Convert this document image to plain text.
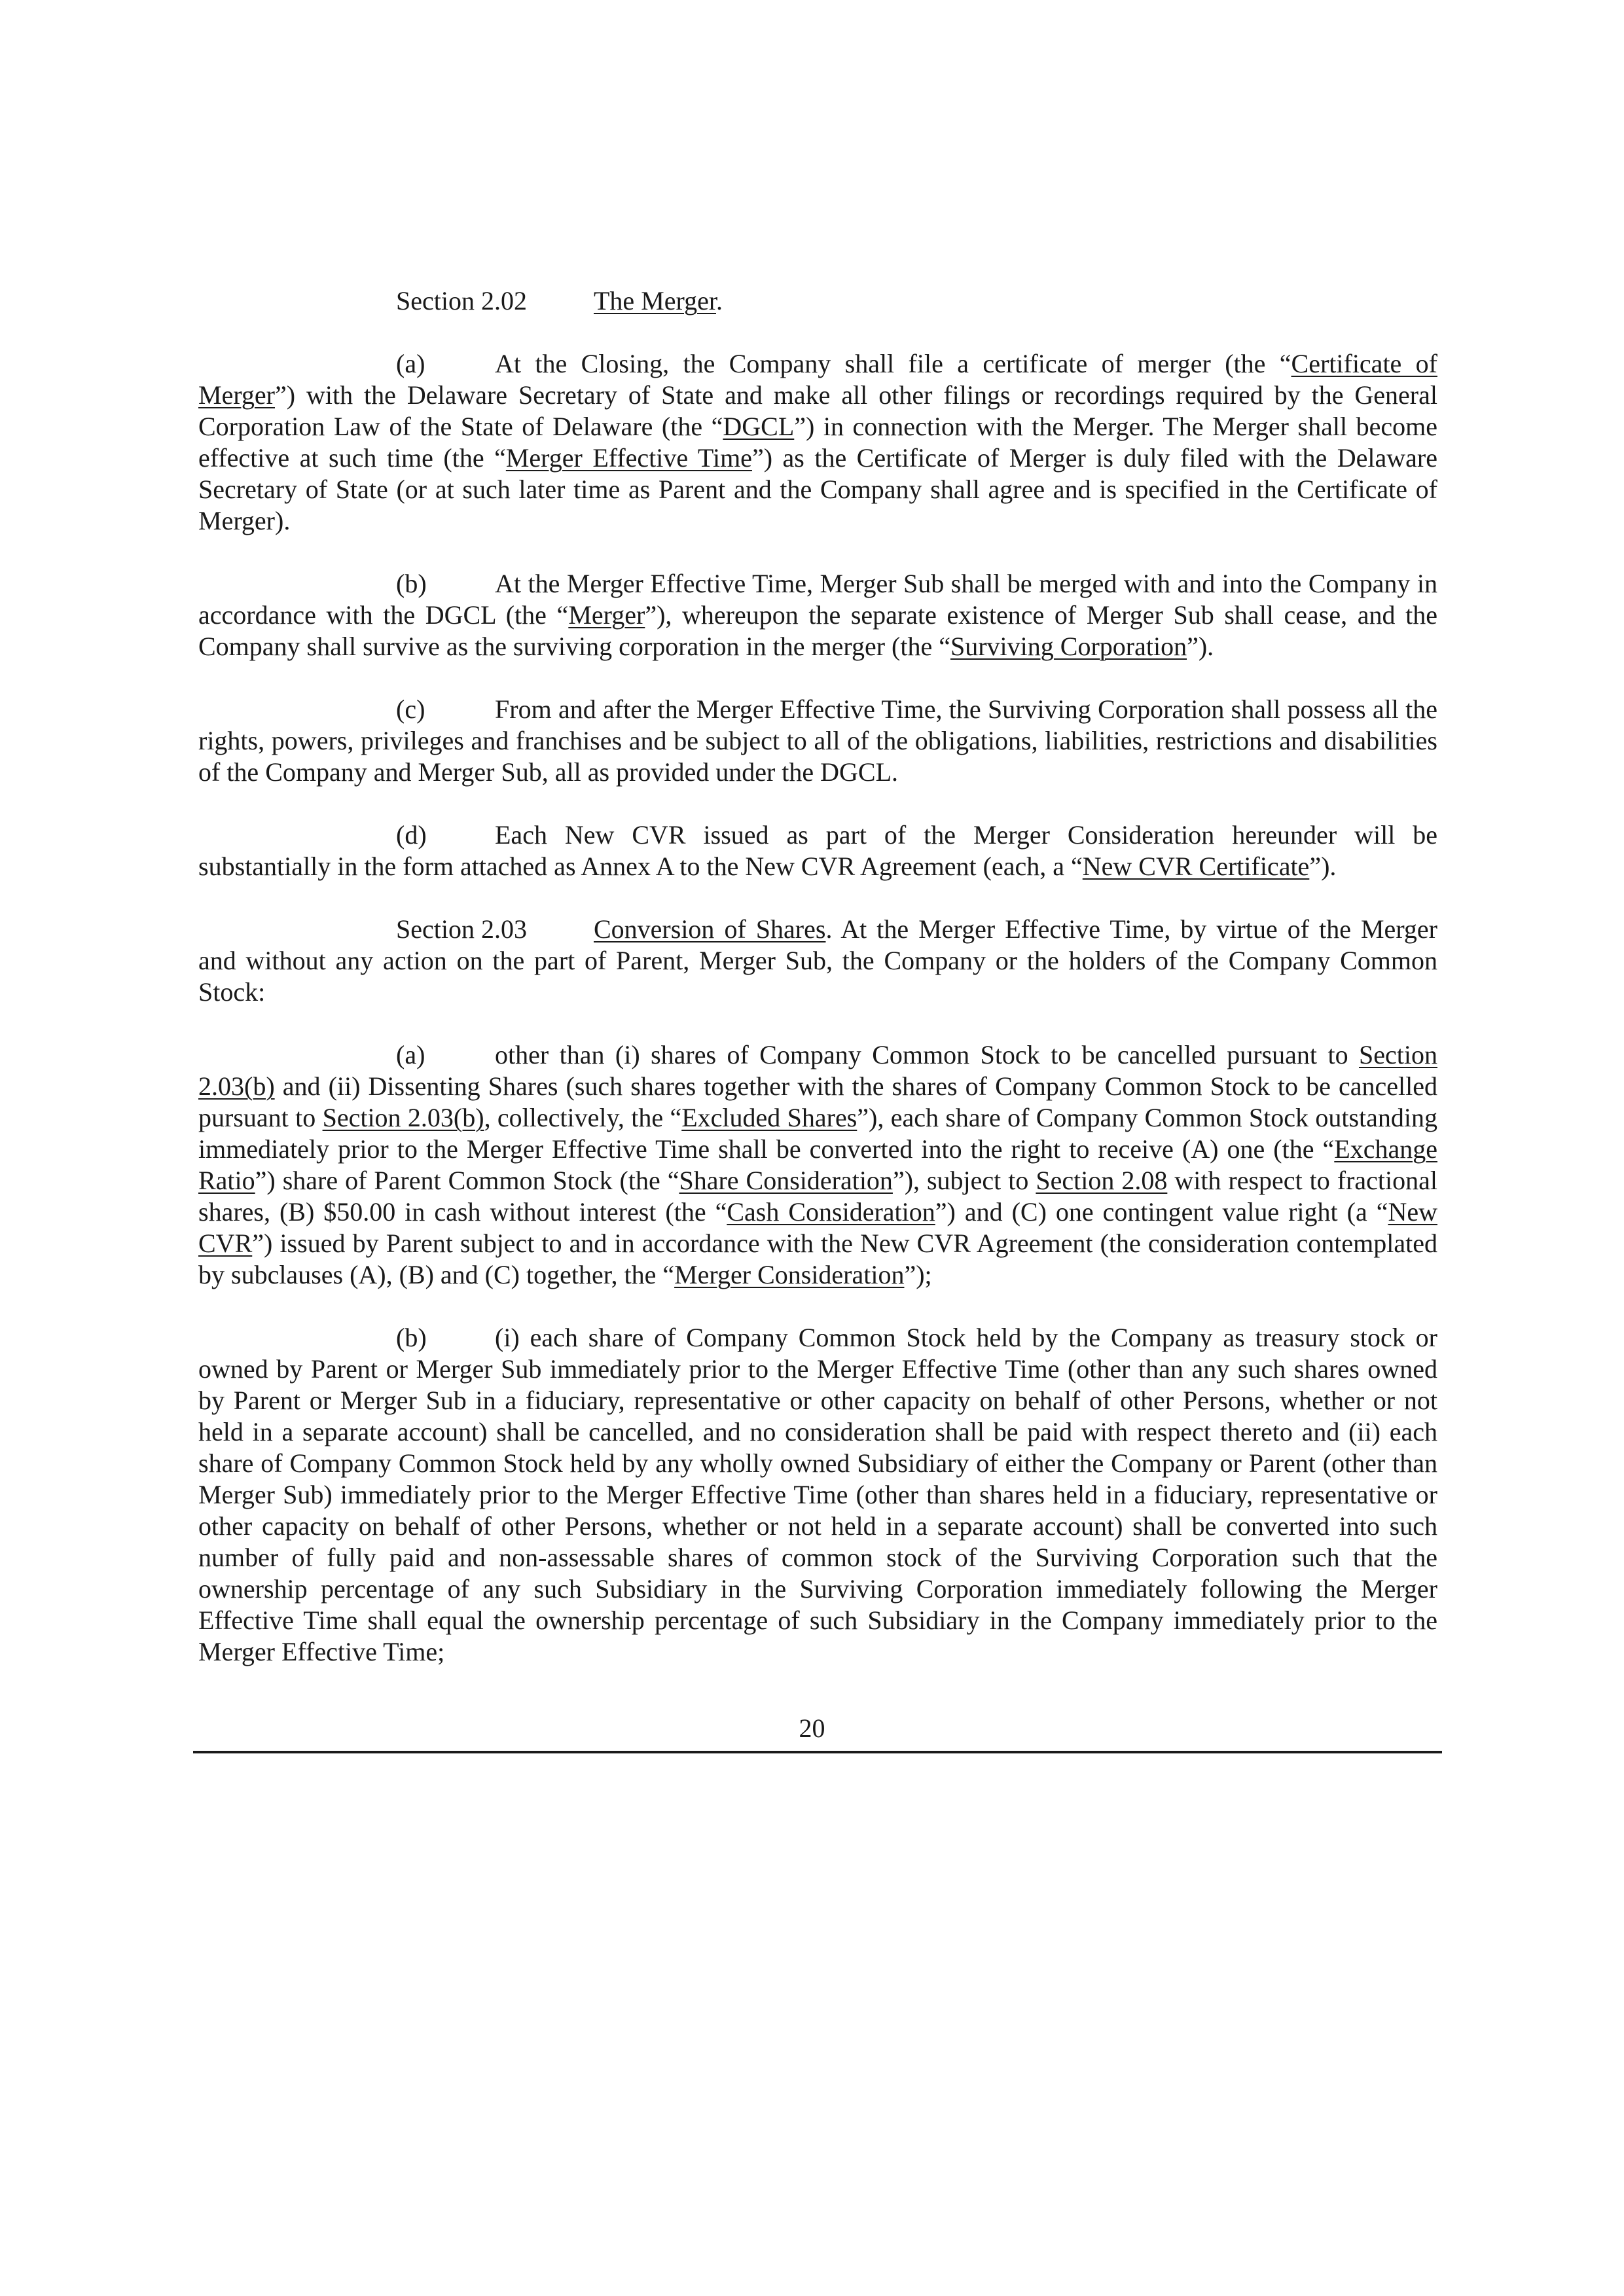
Section 2.02	The Merger.

(a)	At the Closing, the Company shall file a certificate of merger (the “Certificate of Merger”) with the Delaware Secretary of State and make all other filings or recordings required by the General Corporation Law of the State of Delaware (the “DGCL”) in connection with the Merger. The Merger shall become effective at such time (the “Merger Effective Time”) as the Certificate of Merger is duly filed with the Delaware Secretary of State (or at such later time as Parent and the Company shall agree and is specified in the Certificate of Merger).

(b)	At the Merger Effective Time, Merger Sub shall be merged with and into the Company in accordance with the DGCL (the “Merger”), whereupon the separate existence of Merger Sub shall cease, and the Company shall survive as the surviving corporation in the merger (the “Surviving Corporation”).

(c)	From and after the Merger Effective Time, the Surviving Corporation shall possess all the rights, powers, privileges and franchises and be subject to all of the obligations, liabilities, restrictions and disabilities of the Company and Merger Sub, all as provided under the DGCL.

(d)	Each New CVR issued as part of the Merger Consideration hereunder will be substantially in the form attached as Annex A to the New CVR Agreement (each, a “New CVR Certificate”).

Section 2.03	Conversion of Shares. At the Merger Effective Time, by virtue of the Merger and without any action on the part of Parent, Merger Sub, the Company or the holders of the Company Common Stock:

(a)	other than (i) shares of Company Common Stock to be cancelled pursuant to Section 2.03(b) and (ii) Dissenting Shares (such shares together with the shares of Company Common Stock to be cancelled pursuant to Section 2.03(b), collectively, the “Excluded Shares”), each share of Company Common Stock outstanding immediately prior to the Merger Effective Time shall be converted into the right to receive (A) one (the “Exchange Ratio”) share of Parent Common Stock (the “Share Consideration”), subject to Section 2.08 with respect to fractional shares, (B) $50.00 in cash without interest (the “Cash Consideration”) and (C) one contingent value right (a “New CVR”) issued by Parent subject to and in accordance with the New CVR Agreement (the consideration contemplated by subclauses (A), (B) and (C) together, the “Merger Consideration”);

(b)	(i) each share of Company Common Stock held by the Company as treasury stock or owned by Parent or Merger Sub immediately prior to the Merger Effective Time (other than any such shares owned by Parent or Merger Sub in a fiduciary, representative or other capacity on behalf of other Persons, whether or not held in a separate account) shall be cancelled, and no consideration shall be paid with respect thereto and (ii) each share of Company Common Stock held by any wholly owned Subsidiary of either the Company or Parent (other than Merger Sub) immediately prior to the Merger Effective Time (other than shares held in a fiduciary, representative or other capacity on behalf of other Persons, whether or not held in a separate account) shall be converted into such number of fully paid and non-assessable shares of common stock of the Surviving Corporation such that the ownership percentage of any such Subsidiary in the Surviving Corporation immediately following the Merger Effective Time shall equal the ownership percentage of such Subsidiary in the Company immediately prior to the Merger Effective Time;

20
